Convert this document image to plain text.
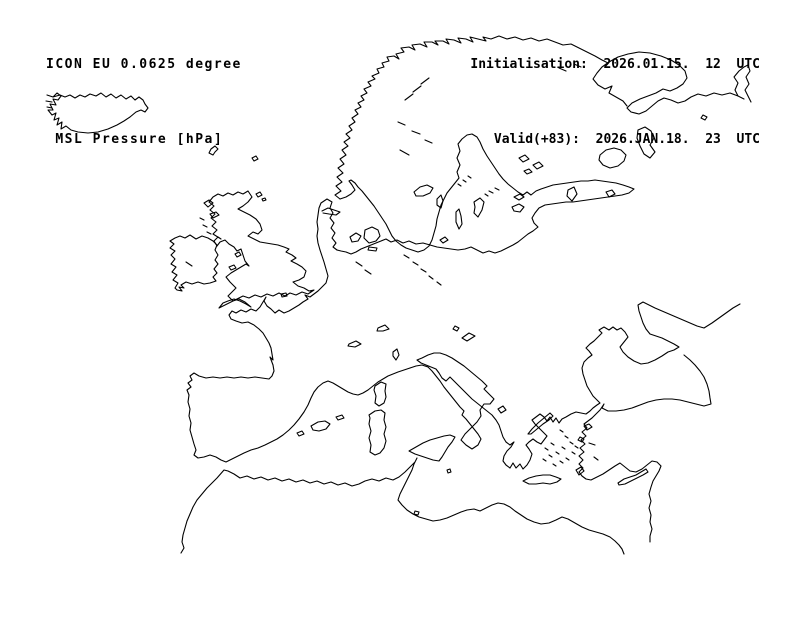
ICON EU 0.0625 degree

MSL Pressure [hPa]

Initialisation:  2026.01.15.  12  UTC

Valid(+83):  2026.JAN.18.  23  UTC
